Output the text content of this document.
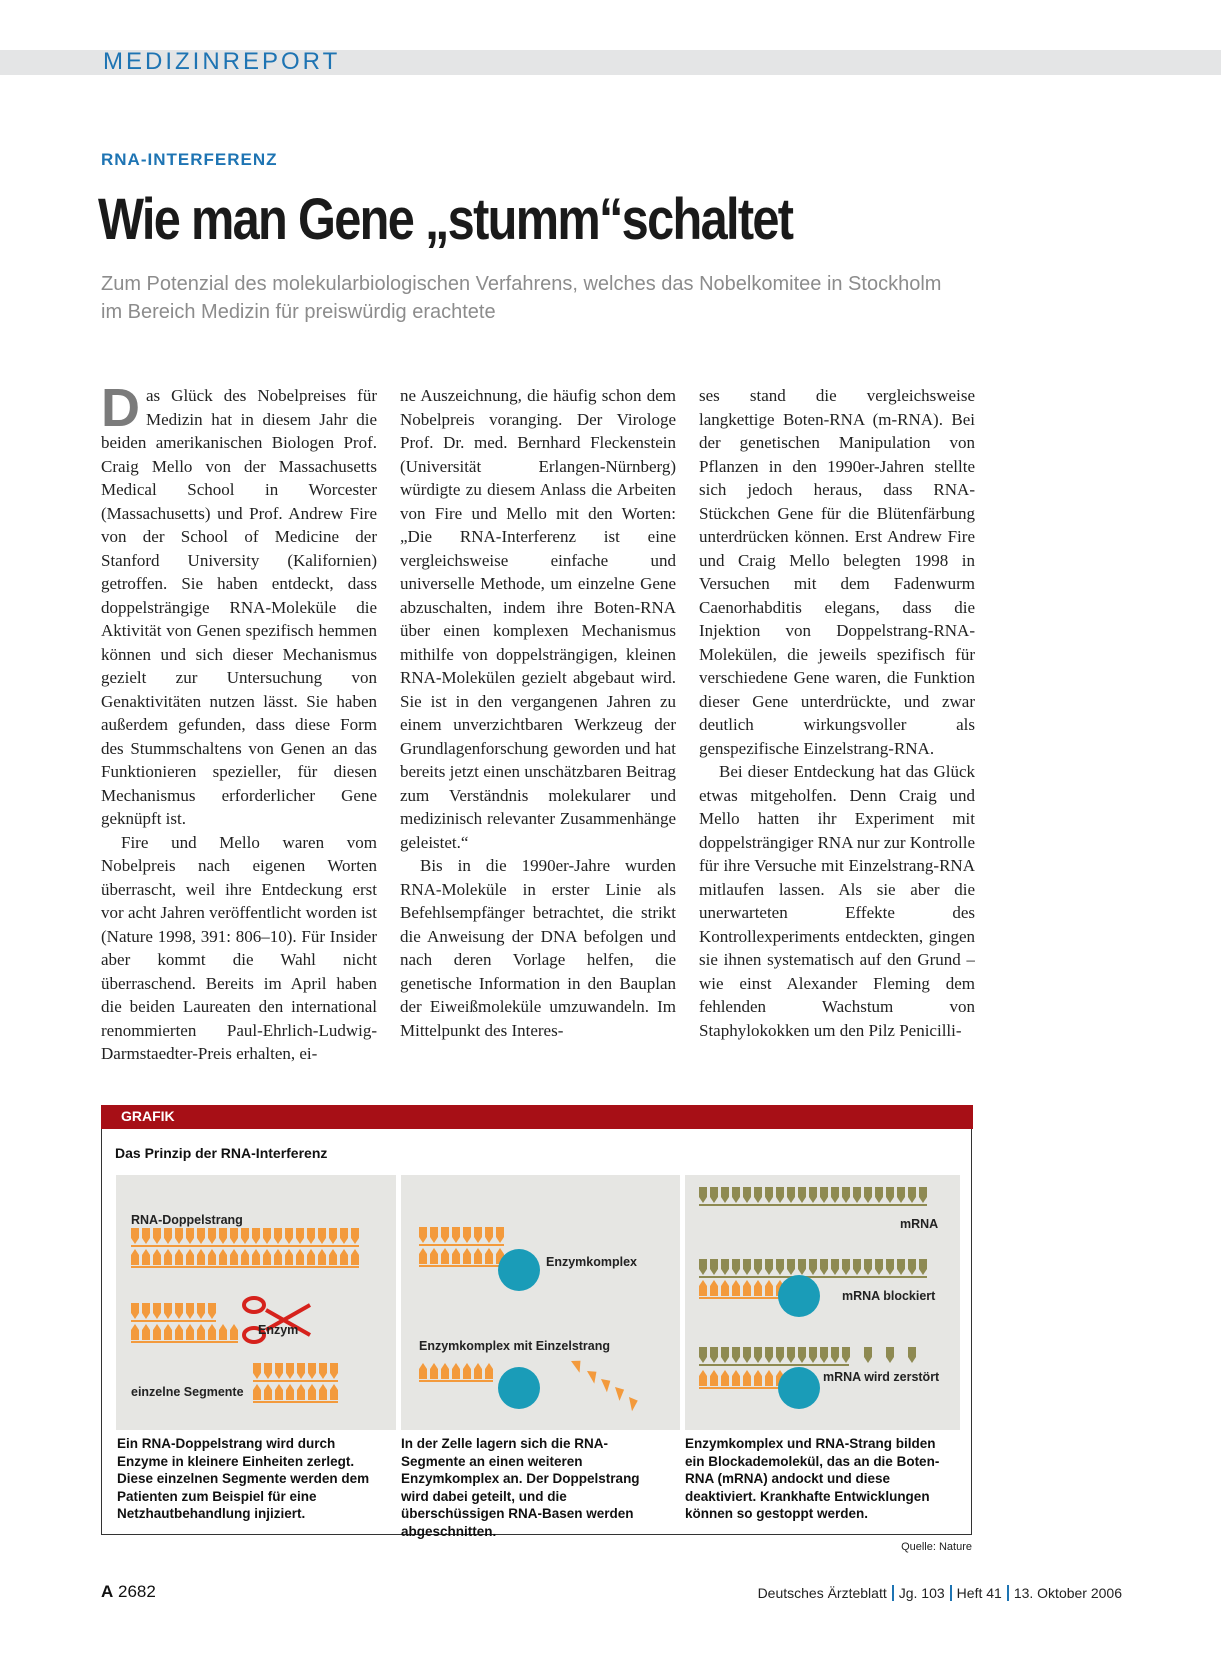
MEDIZINREPORT
RNA-INTERFERENZ
Wie man Gene „stumm“schaltet
Zum Potenzial des molekularbiologischen Verfahrens, welches das Nobelkomitee in Stockholm im Bereich Medizin für preiswürdig erachtete

Das Glück des Nobelpreises für Medizin hat in diesem Jahr die beiden amerikanischen Biologen Prof. Craig Mello von der Massachusetts Medical School in Worcester (Massachusetts) und Prof. Andrew Fire von der School of Medicine der Stanford University (Kalifornien) getroffen. Sie haben entdeckt, dass doppelsträngige RNA-Moleküle die Aktivität von Genen spezifisch hemmen können und sich dieser Mechanismus gezielt zur Untersuchung von Genaktivitäten nutzen lässt. Sie haben außerdem gefunden, dass diese Form des Stummschaltens von Genen an das Funktionieren spezieller, für diesen Mechanismus erforderlicher Gene geknüpft ist.

Fire und Mello waren vom Nobelpreis nach eigenen Worten überrascht, weil ihre Entdeckung erst vor acht Jahren veröffentlicht worden ist (Nature 1998, 391: 806–10). Für Insider aber kommt die Wahl nicht überraschend. Bereits im April haben die beiden Laureaten den international renommierten Paul-Ehrlich-Ludwig-Darmstaedter-Preis erhalten, ei-

ne Auszeichnung, die häufig schon dem Nobelpreis voranging. Der Virologe Prof. Dr. med. Bernhard Fleckenstein (Universität Erlangen-Nürnberg) würdigte zu diesem Anlass die Arbeiten von Fire und Mello mit den Worten: „Die RNA-Interferenz ist eine vergleichsweise einfache und universelle Methode, um einzelne Gene abzuschalten, indem ihre Boten-RNA über einen komplexen Mechanismus mithilfe von doppelsträngigen, kleinen RNA-Molekülen gezielt abgebaut wird. Sie ist in den vergangenen Jahren zu einem unverzichtbaren Werkzeug der Grundlagenforschung geworden und hat bereits jetzt einen unschätzbaren Beitrag zum Verständnis molekularer und medizinisch relevanter Zusammenhänge geleistet.“

Bis in die 1990er-Jahre wurden RNA-Moleküle in erster Linie als Befehlsempfänger betrachtet, die strikt die Anweisung der DNA befolgen und nach deren Vorlage helfen, die genetische Information in den Bauplan der Eiweißmoleküle umzuwandeln. Im Mittelpunkt des Interes-

ses stand die vergleichsweise langkettige Boten-RNA (m-RNA). Bei der genetischen Manipulation von Pflanzen in den 1990er-Jahren stellte sich jedoch heraus, dass RNA-Stückchen Gene für die Blütenfärbung unterdrücken können. Erst Andrew Fire und Craig Mello belegten 1998 in Versuchen mit dem Fadenwurm Caenorhabditis elegans, dass die Injektion von Doppelstrang-RNA-Molekülen, die jeweils spezifisch für verschiedene Gene waren, die Funktion dieser Gene unterdrückte, und zwar deutlich wirkungsvoller als genspezifische Einzelstrang-RNA.

Bei dieser Entdeckung hat das Glück etwas mitgeholfen. Denn Craig und Mello hatten ihr Experiment mit doppelsträngiger RNA nur zur Kontrolle für ihre Versuche mit Einzelstrang-RNA mitlaufen lassen. Als sie aber die unerwarteten Effekte des Kontrollexperiments entdeckten, gingen sie ihnen systematisch auf den Grund – wie einst Alexander Fleming dem fehlenden Wachstum von Staphylokokken um den Pilz Penicilli-

GRAFIK
Das Prinzip der RNA-Interferenz
RNA-Doppelstrang
Enzym
einzelne Segmente
Enzymkomplex
Enzymkomplex mit Einzelstrang
mRNA
mRNA blockiert
mRNA wird zerstört
Ein RNA-Doppelstrang wird durch Enzyme in kleinere Einheiten zerlegt. Diese einzelnen Segmente werden dem Patienten zum Beispiel für eine Netzhautbehandlung injiziert.
In der Zelle lagern sich die RNA-Segmente an einen weiteren Enzymkomplex an. Der Doppelstrang wird dabei geteilt, und die überschüssigen RNA-Basen werden abgeschnitten.
Enzymkomplex und RNA-Strang bilden ein Blockademolekül, das an die Boten-RNA (mRNA) andockt und diese deaktiviert. Krankhafte Entwicklungen können so gestoppt werden.
Quelle: Nature
A 2682	Deutsches Ärzteblatt Jg. 103 Heft 41 13. Oktober 2006
